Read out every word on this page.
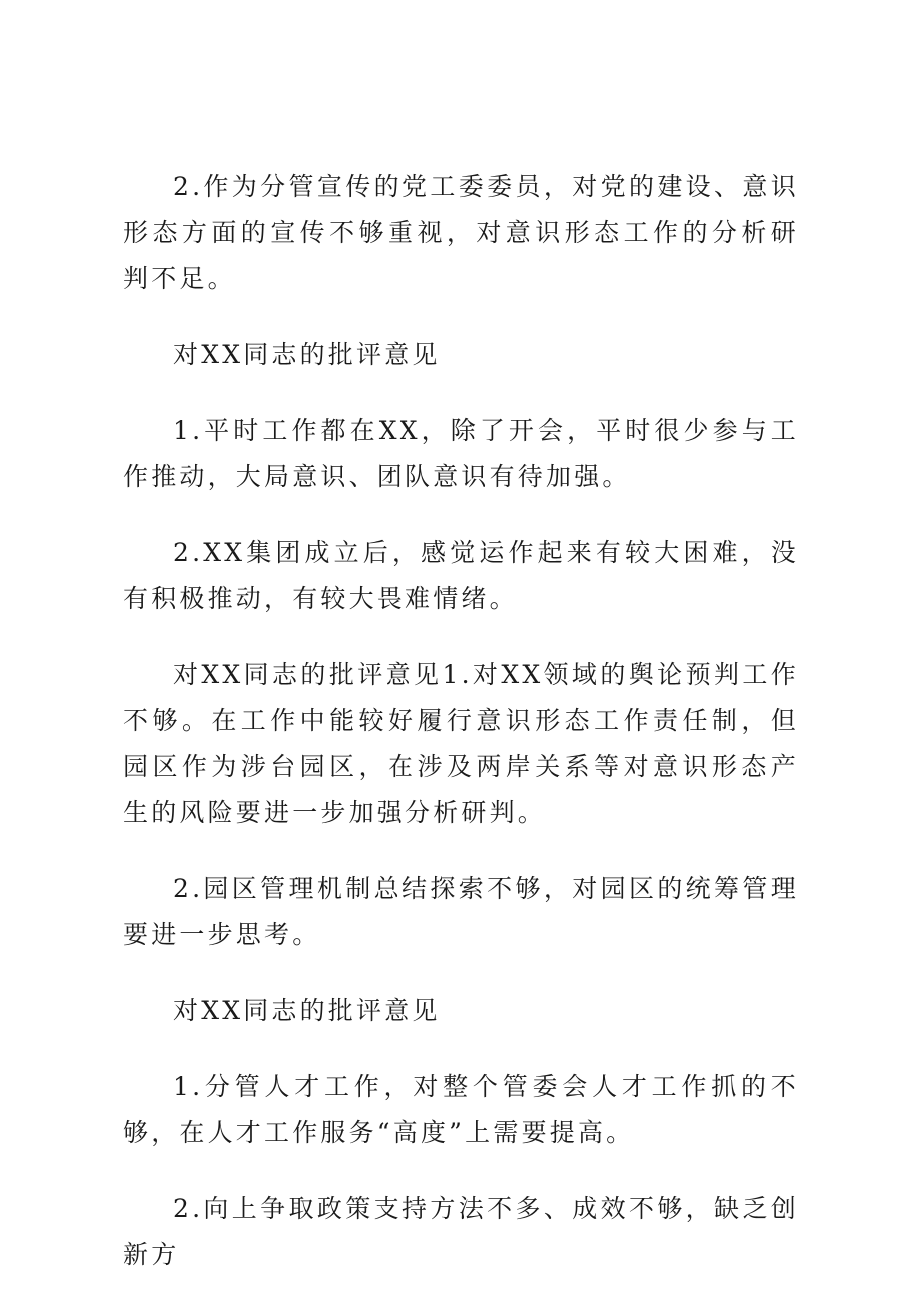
2.作为分管宣传的党工委委员，对党的建设、意识形态方面的宣传不够重视，对意识形态工作的分析研判不足。

对XX同志的批评意见

1.平时工作都在XX，除了开会，平时很少参与工作推动，大局意识、团队意识有待加强。

2.XX集团成立后，感觉运作起来有较大困难，没有积极推动，有较大畏难情绪。

对XX同志的批评意见1.对XX领域的舆论预判工作不够。在工作中能较好履行意识形态工作责任制，但园区作为涉台园区，在涉及两岸关系等对意识形态产生的风险要进一步加强分析研判。

2.园区管理机制总结探索不够，对园区的统筹管理要进一步思考。

对XX同志的批评意见

1.分管人才工作，对整个管委会人才工作抓的不够，在人才工作服务“高度”上需要提高。

2.向上争取政策支持方法不多、成效不够，缺乏创新方
